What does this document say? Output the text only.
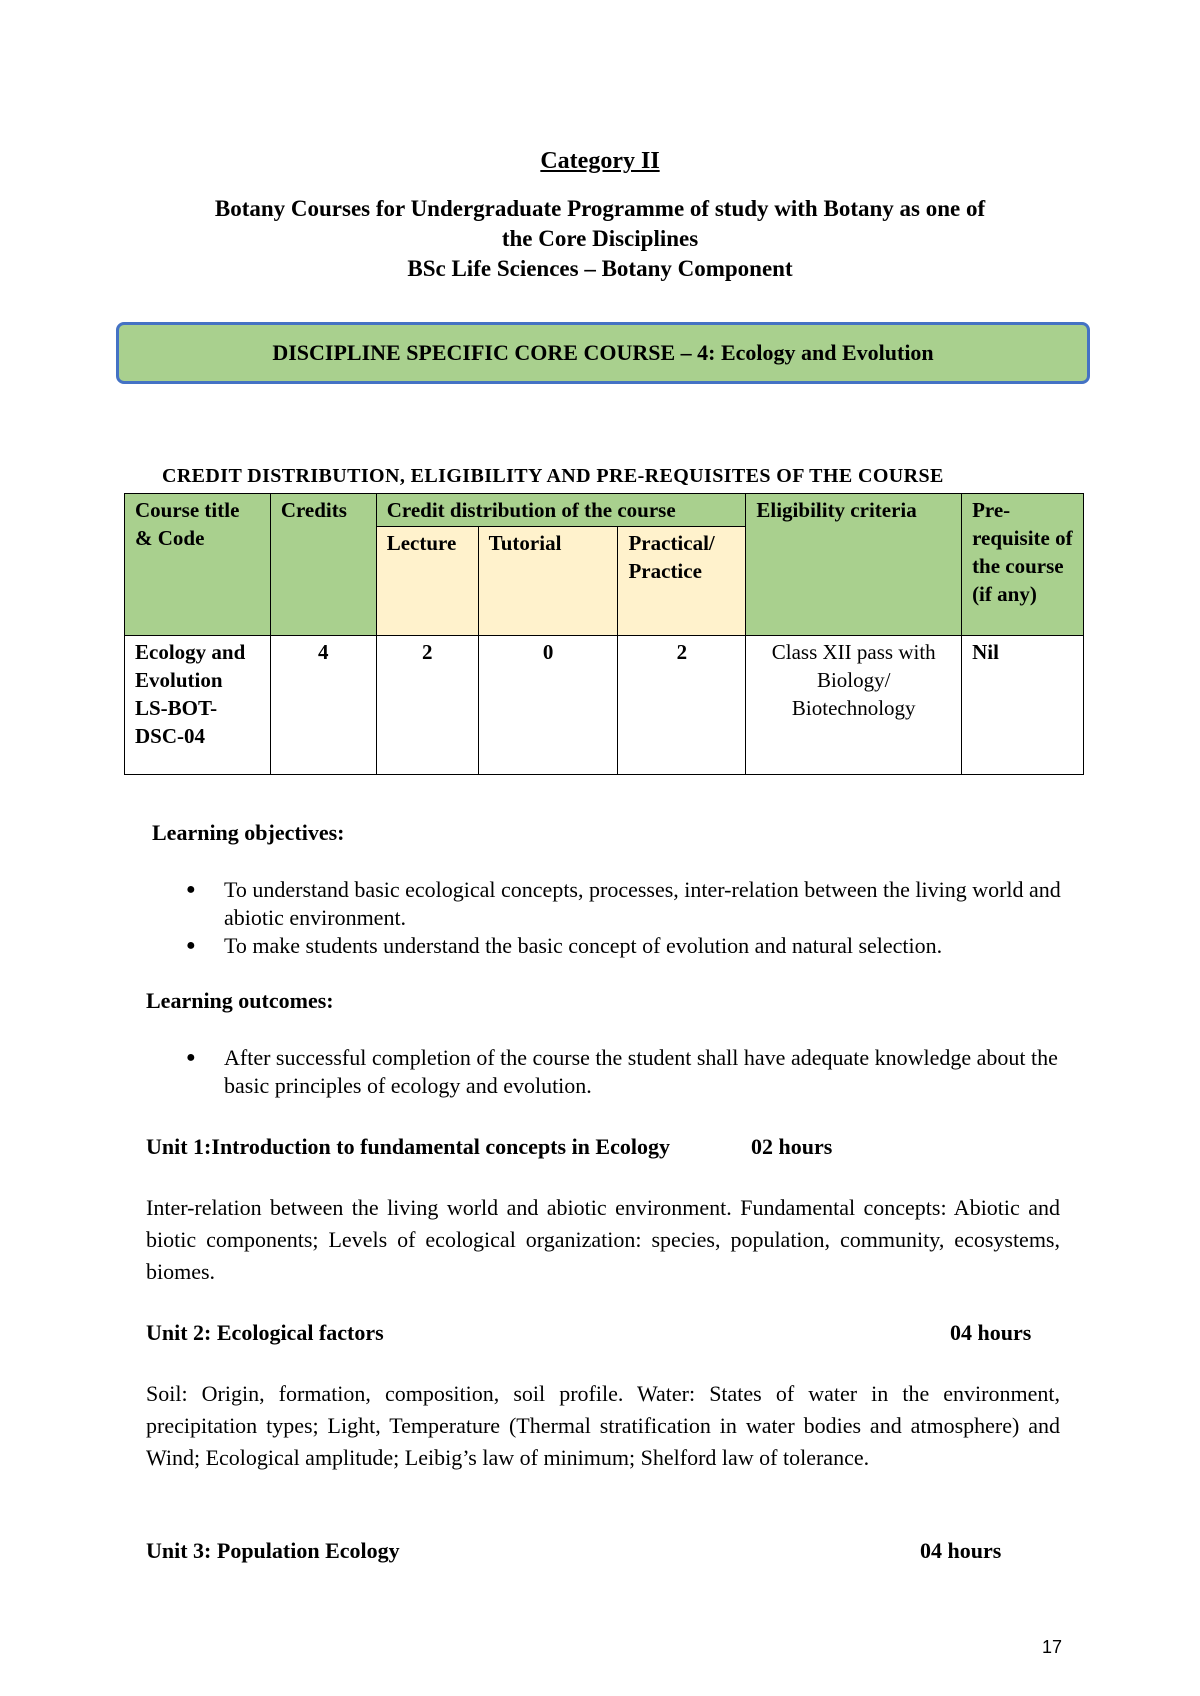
Category II
Botany Courses for Undergraduate Programme of study with Botany as one of
the Core Disciplines
BSc Life Sciences – Botany Component
DISCIPLINE SPECIFIC CORE COURSE – 4: Ecology and Evolution
CREDIT DISTRIBUTION, ELIGIBILITY AND PRE-REQUISITES OF THE COURSE
Course title & Code	Credits	Credit distribution of the course			Eligibility criteria	Pre-requisite of the course (if any)
		Lecture	Tutorial	Practical/ Practice		
Ecology and Evolution LS-BOT-DSC-04	4	2	0	2	Class XII pass with Biology/ Biotechnology	Nil
Learning objectives:
● To understand basic ecological concepts, processes, inter-relation between the living world and abiotic environment.
● To make students understand the basic concept of evolution and natural selection.
Learning outcomes:
● After successful completion of the course the student shall have adequate knowledge about the basic principles of ecology and evolution.
Unit 1:Introduction to fundamental concepts in Ecology	02 hours
Inter-relation between the living world and abiotic environment. Fundamental concepts: Abiotic and biotic components; Levels of ecological organization: species, population, community, ecosystems, biomes.
Unit 2: Ecological factors	04 hours
Soil: Origin, formation, composition, soil profile. Water: States of water in the environment, precipitation types; Light, Temperature (Thermal stratification in water bodies and atmosphere) and Wind; Ecological amplitude; Leibig’s law of minimum; Shelford law of tolerance.
Unit 3: Population Ecology	04 hours
17
